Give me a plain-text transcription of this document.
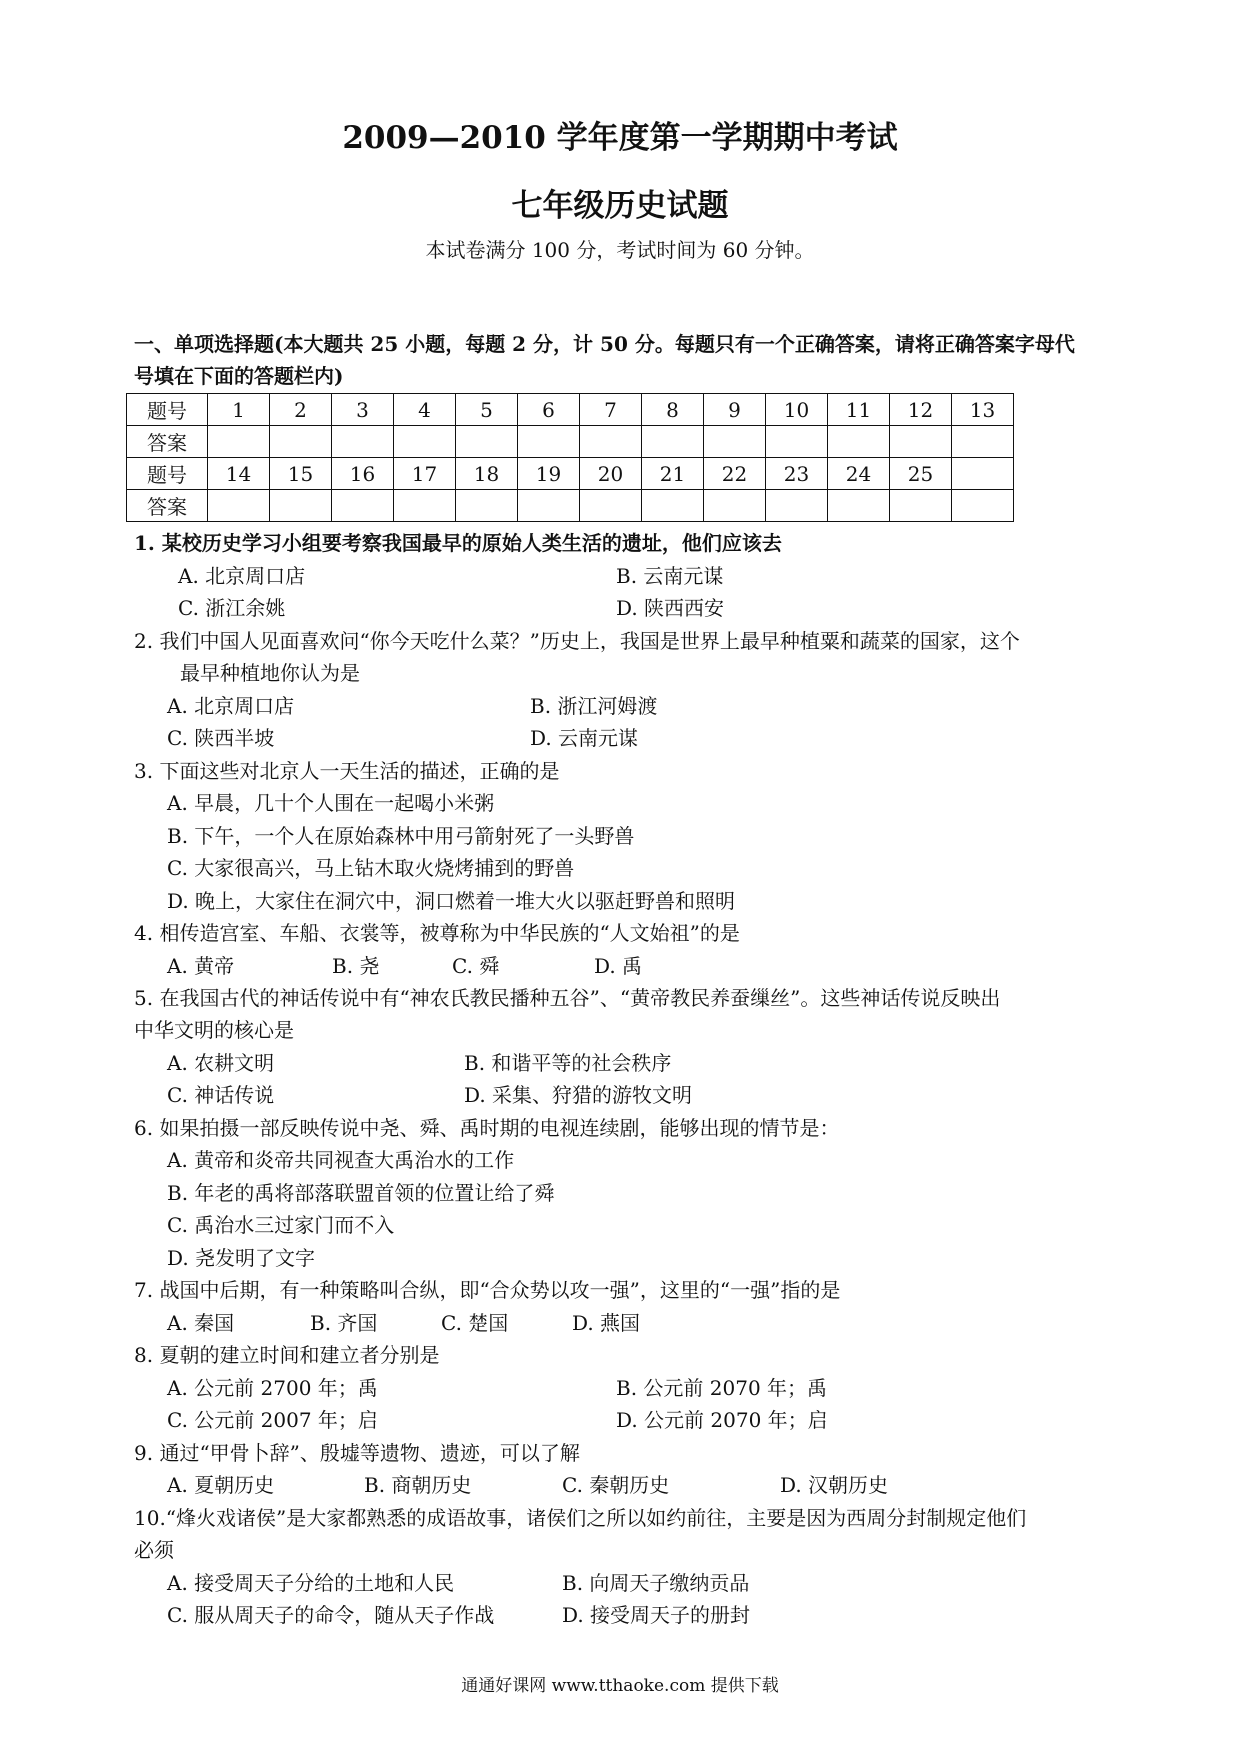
2009—2010 学年度第一学期期中考试
七年级历史试题
本试卷满分 100 分，考试时间为 60 分钟。
一、单项选择题(本大题共 25 小题，每题 2 分，计 50 分。每题只有一个正确答案，请将正确答案字母代
号填在下面的答题栏内)
题号	1	2	3	4	5	6	7	8	9	10	11	12	13
答案													
题号	14	15	16	17	18	19	20	21	22	23	24	25	
答案													
1. 某校历史学习小组要考察我国最早的原始人类生活的遗址，他们应该去
A. 北京周口店	B. 云南元谋
C. 浙江余姚	D. 陕西西安
2. 我们中国人见面喜欢问“你今天吃什么菜？”历史上，我国是世界上最早种植粟和蔬菜的国家，这个
最早种植地你认为是
A. 北京周口店	B. 浙江河姆渡
C. 陕西半坡	D. 云南元谋
3. 下面这些对北京人一天生活的描述，正确的是
A. 早晨，几十个人围在一起喝小米粥
B. 下午，一个人在原始森林中用弓箭射死了一头野兽
C. 大家很高兴，马上钻木取火烧烤捕到的野兽
D. 晚上，大家住在洞穴中，洞口燃着一堆大火以驱赶野兽和照明
4. 相传造宫室、车船、衣裳等，被尊称为中华民族的“人文始祖”的是
A. 黄帝	B. 尧	C. 舜	D. 禹
5. 在我国古代的神话传说中有“神农氏教民播种五谷”、“黄帝教民养蚕缫丝”。这些神话传说反映出
中华文明的核心是
A. 农耕文明	B. 和谐平等的社会秩序
C. 神话传说	D. 采集、狩猎的游牧文明
6. 如果拍摄一部反映传说中尧、舜、禹时期的电视连续剧，能够出现的情节是：
A. 黄帝和炎帝共同视查大禹治水的工作
B. 年老的禹将部落联盟首领的位置让给了舜
C. 禹治水三过家门而不入
D. 尧发明了文字
7. 战国中后期，有一种策略叫合纵，即“合众势以攻一强”，这里的“一强”指的是
A. 秦国	B. 齐国	C. 楚国	D. 燕国
8. 夏朝的建立时间和建立者分别是
A. 公元前 2700 年；禹	B. 公元前 2070 年；禹
C. 公元前 2007 年；启	D. 公元前 2070 年；启
9. 通过“甲骨卜辞”、殷墟等遗物、遗迹，可以了解
A. 夏朝历史	B. 商朝历史	C. 秦朝历史	D. 汉朝历史
10.“烽火戏诸侯”是大家都熟悉的成语故事，诸侯们之所以如约前往，主要是因为西周分封制规定他们
必须
A. 接受周天子分给的土地和人民	B. 向周天子缴纳贡品
C. 服从周天子的命令，随从天子作战	D. 接受周天子的册封
通通好课网 www.tthaoke.com 提供下载
